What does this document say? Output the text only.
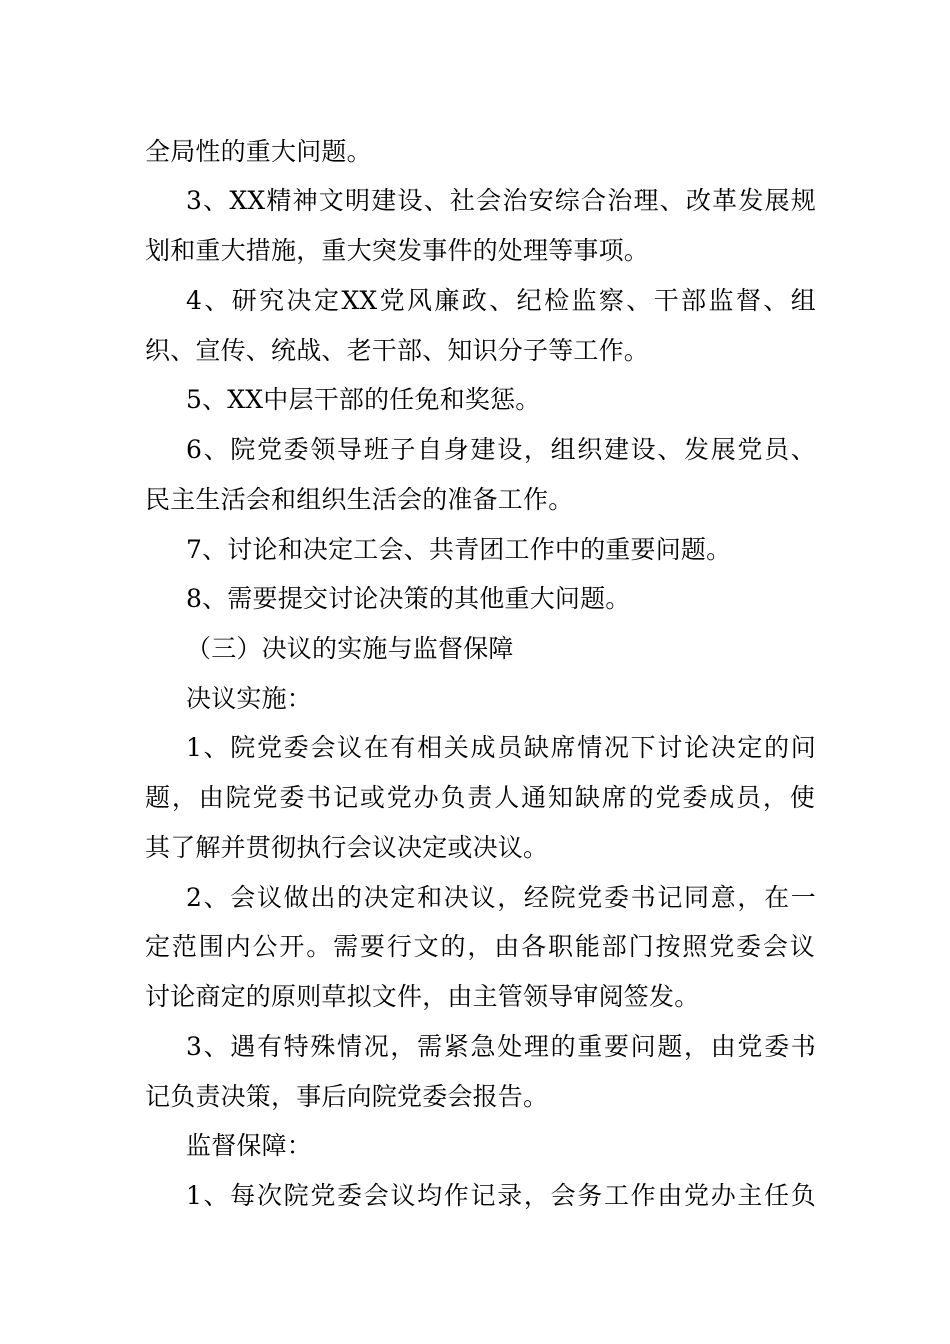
全局性的重大问题。
3、XX精神文明建设、社会治安综合治理、改革发展规
划和重大措施，重大突发事件的处理等事项。
4、研究决定XX党风廉政、纪检监察、干部监督、组
织、宣传、统战、老干部、知识分子等工作。
5、XX中层干部的任免和奖惩。
6、院党委领导班子自身建设，组织建设、发展党员、
民主生活会和组织生活会的准备工作。
7、讨论和决定工会、共青团工作中的重要问题。
8、需要提交讨论决策的其他重大问题。
（三）决议的实施与监督保障
决议实施：
1、院党委会议在有相关成员缺席情况下讨论决定的问
题，由院党委书记或党办负责人通知缺席的党委成员，使
其了解并贯彻执行会议决定或决议。
2、会议做出的决定和决议，经院党委书记同意，在一
定范围内公开。需要行文的，由各职能部门按照党委会议
讨论商定的原则草拟文件，由主管领导审阅签发。
3、遇有特殊情况，需紧急处理的重要问题，由党委书
记负责决策，事后向院党委会报告。
监督保障：
1、每次院党委会议均作记录，会务工作由党办主任负
